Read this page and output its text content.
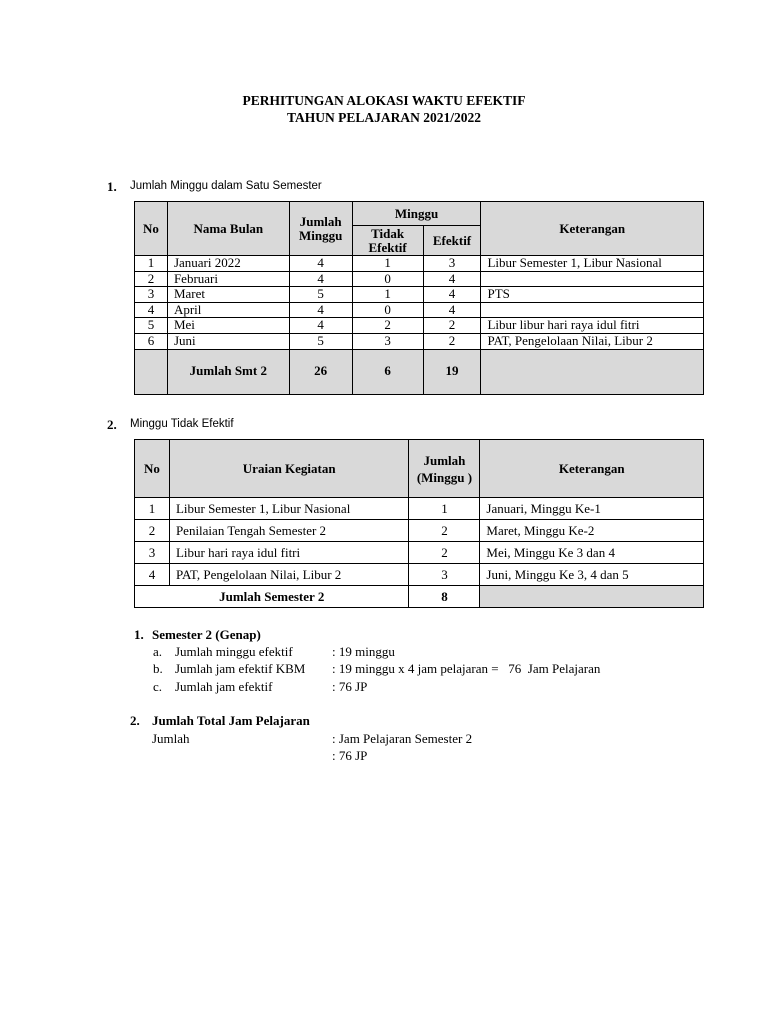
PERHITUNGAN ALOKASI WAKTU EFEKTIF
TAHUN PELAJARAN 2021/2022
1. Jumlah Minggu dalam Satu Semester
No	Nama Bulan	Jumlah Minggu	Minggu		Keterangan
			Tidak Efektif	Efektif	
1	Januari 2022	4	1	3	Libur Semester 1, Libur Nasional
2	Februari	4	0	4	
3	Maret	5	1	4	PTS
4	April	4	0	4	
5	Mei	4	2	2	Libur libur hari raya idul fitri
6	Juni	5	3	2	PAT, Pengelolaan Nilai, Libur 2
	Jumlah Smt 2	26	6	19	
2. Minggu Tidak Efektif
No	Uraian Kegiatan	Jumlah (Minggu )	Keterangan
1	Libur Semester 1, Libur Nasional	1	Januari, Minggu Ke-1
2	Penilaian Tengah Semester 2	2	Maret, Minggu Ke-2
3	Libur hari raya idul fitri	2	Mei, Minggu Ke 3 dan 4
4	PAT, Pengelolaan Nilai, Libur 2	3	Juni, Minggu Ke 3, 4 dan 5
Jumlah Semester 2		8	
1. Semester 2 (Genap)
a. Jumlah minggu efektif	: 19 minggu
b. Jumlah jam efektif KBM : 19 minggu x 4 jam pelajaran =   76  Jam Pelajaran
c. Jumlah jam efektif	: 76 JP
2. Jumlah Total Jam Pelajaran
Jumlah	: Jam Pelajaran Semester 2
: 76 JP
